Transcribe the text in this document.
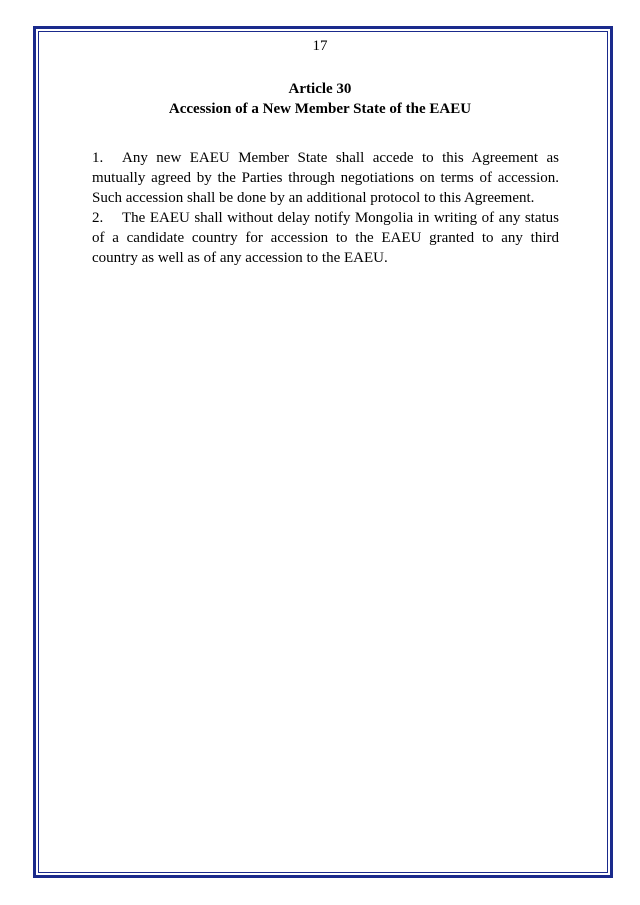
17
Article 30
Accession of a New Member State of the EAEU

1. Any new EAEU Member State shall accede to this Agreement as mutually agreed by the Parties through negotiations on terms of accession. Such accession shall be done by an additional protocol to this Agreement.

2. The EAEU shall without delay notify Mongolia in writing of any status of a candidate country for accession to the EAEU granted to any third country as well as of any accession to the EAEU.
